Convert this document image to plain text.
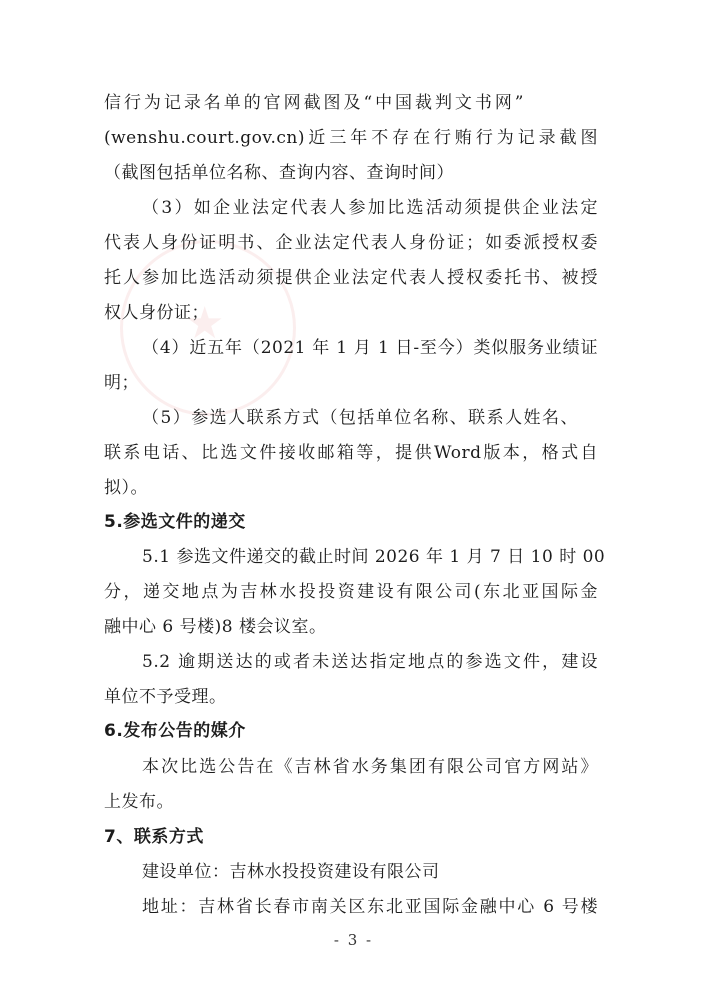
★
信行为记录名单的官网截图及“中国裁判文书网”
(wenshu.court.gov.cn)近三年不存在行贿行为记录截图
（截图包括单位名称、查询内容、查询时间）
（3）如企业法定代表人参加比选活动须提供企业法定
代表人身份证明书、企业法定代表人身份证；如委派授权委
托人参加比选活动须提供企业法定代表人授权委托书、被授
权人身份证；
（4）近五年（2021 年 1 月 1 日-至今）类似服务业绩证
明；
（5）参选人联系方式（包括单位名称、联系人姓名、
联系电话、比选文件接收邮箱等，提供Word版本，格式自
拟）。
5.参选文件的递交
5.1 参选文件递交的截止时间 2026 年 1 月 7 日 10 时 00
分，递交地点为吉林水投投资建设有限公司(东北亚国际金
融中心 6 号楼)8 楼会议室。
5.2 逾期送达的或者未送达指定地点的参选文件，建设
单位不予受理。
6.发布公告的媒介
本次比选公告在《吉林省水务集团有限公司官方网站》
上发布。
7、联系方式
建设单位：吉林水投投资建设有限公司
地址：吉林省长春市南关区东北亚国际金融中心 6 号楼
- 3 -
